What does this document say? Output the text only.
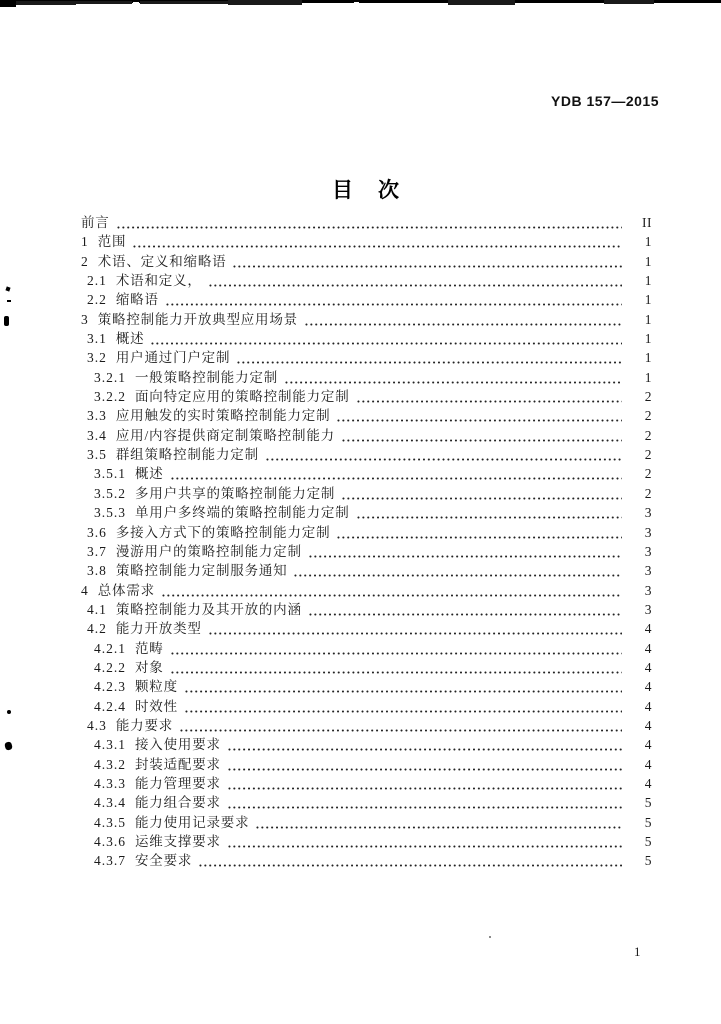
YDB 157—2015
目　次
前言	II
1 范围	1
2 术语、定义和缩略语	1
2.1 术语和定义，	1
2.2 缩略语	1
3 策略控制能力开放典型应用场景	1
3.1 概述	1
3.2 用户通过门户定制	1
3.2.1 一般策略控制能力定制	1
3.2.2 面向特定应用的策略控制能力定制	2
3.3 应用触发的实时策略控制能力定制	2
3.4 应用/内容提供商定制策略控制能力	2
3.5 群组策略控制能力定制	2
3.5.1 概述	2
3.5.2 多用户共享的策略控制能力定制	2
3.5.3 单用户多终端的策略控制能力定制	3
3.6 多接入方式下的策略控制能力定制	3
3.7 漫游用户的策略控制能力定制	3
3.8 策略控制能力定制服务通知	3
4 总体需求	3
4.1 策略控制能力及其开放的内涵	3
4.2 能力开放类型	4
4.2.1 范畴	4
4.2.2 对象	4
4.2.3 颗粒度	4
4.2.4 时效性	4
4.3 能力要求	4
4.3.1 接入使用要求	4
4.3.2 封装适配要求	4
4.3.3 能力管理要求	4
4.3.4 能力组合要求	5
4.3.5 能力使用记录要求	5
4.3.6 运维支撑要求	5
4.3.7 安全要求	5
1
